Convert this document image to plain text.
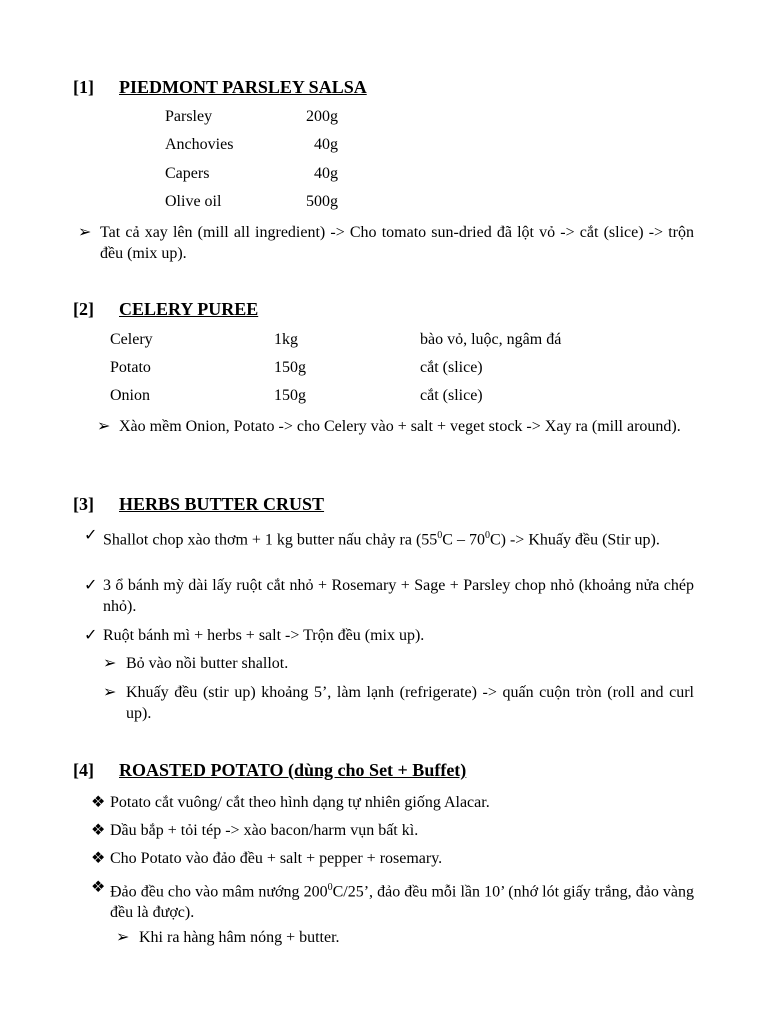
[1] PIEDMONT PARSLEY SALSA
Parsley	200g
Anchovies	40g
Capers	40g
Olive oil	500g
➢ Tat cả xay lên (mill all ingredient) -> Cho tomato sun-dried đã lột vỏ -> cắt (slice) -> trộn đều (mix up).
[2] CELERY PUREE
Celery	1kg	bào vỏ, luộc, ngâm đá
Potato	150g	cắt (slice)
Onion	150g	cắt (slice)
➢ Xào mềm Onion, Potato -> cho Celery vào + salt + veget stock -> Xay ra (mill around).
[3] HERBS BUTTER CRUST
✓ Shallot chop xào thơm + 1 kg butter nấu chảy ra $(55^0C - 70^0C)$ -> Khuấy đều (Stir up).
✓ 3 ổ bánh mỳ dài lấy ruột cắt nhỏ + Rosemary + Sage + Parsley chop nhỏ (khoảng nửa chép nhỏ).
✓ Ruột bánh mì + herbs + salt -> Trộn đều (mix up).
➢ Bỏ vào nồi butter shallot.
➢ Khuấy đều (stir up) khoảng 5’, làm lạnh (refrigerate) -> quấn cuộn tròn (roll and curl up).
[4] ROASTED POTATO (dùng cho Set + Buffet)
❖ Potato cắt vuông/ cắt theo hình dạng tự nhiên giống Alacar.
❖ Dầu bắp + tỏi tép -> xào bacon/harm vụn bất kì.
❖ Cho Potato vào đảo đều + salt + pepper + rosemary.
❖ Đảo đều cho vào mâm nướng $200^0C/25$’, đảo đều mỗi lần 10’ (nhớ lót giấy trắng, đảo vàng đều là được).
➢ Khi ra hàng hâm nóng + butter.
